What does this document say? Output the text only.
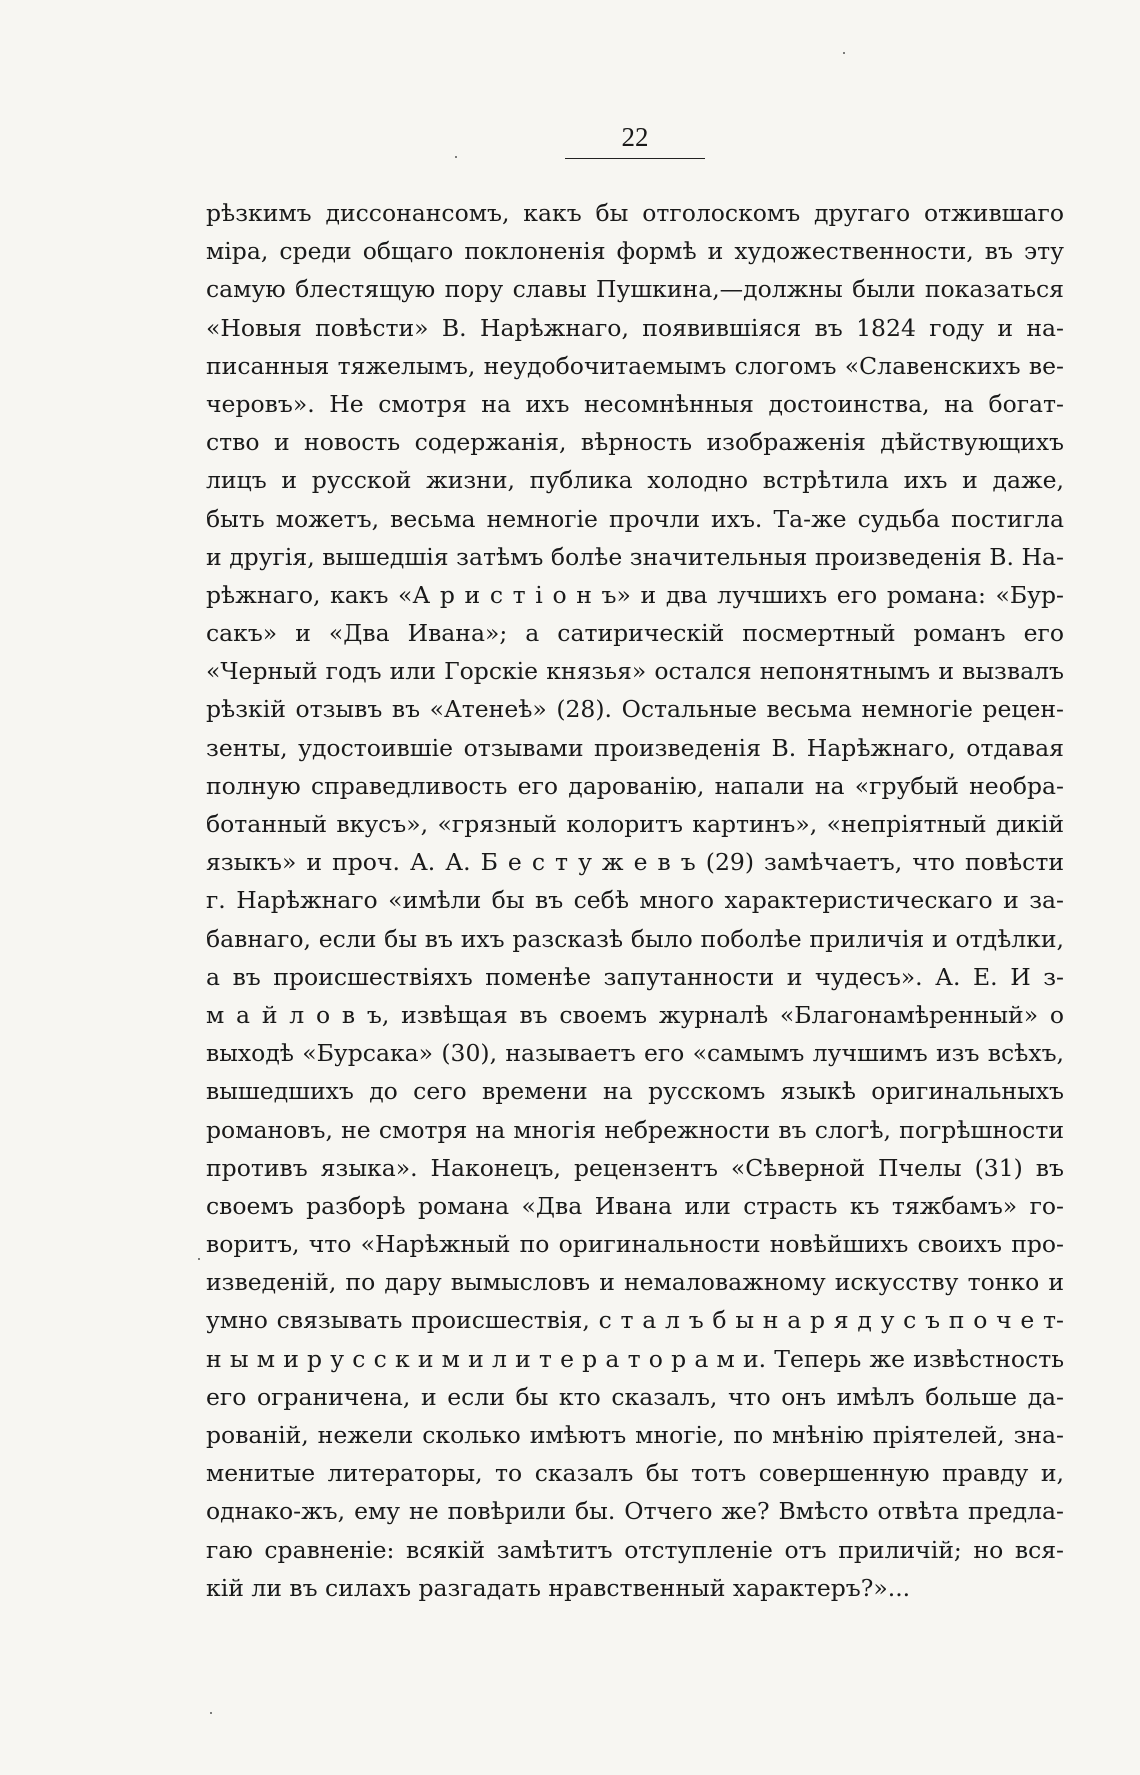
22
рѣзкимъ диссонансомъ, какъ бы отголоскомъ другаго отжившаго
міра, среди общаго поклоненія формѣ и художественности, въ эту
самую блестящую пору славы Пушкина,—должны были показаться
«Новыя повѣсти» В. Нарѣжнаго, появившіяся въ 1824 году и на-
писанныя тяжелымъ, неудобочитаемымъ слогомъ «Славенскихъ ве-
черовъ». Не смотря на ихъ несомнѣнныя достоинства, на богат-
ство и новость содержанія, вѣрность изображенія дѣйствующихъ
лицъ и русской жизни, публика холодно встрѣтила ихъ и даже,
быть можетъ, весьма немногіе прочли ихъ. Та-же судьба постигла
и другія, вышедшія затѣмъ болѣе значительныя произведенія В. На-
рѣжнаго, какъ «А р и с т і о н ъ» и два лучшихъ его романа: «Бур-
сакъ» и «Два Ивана»; а сатирическій посмертный романъ его
«Черный годъ или Горскіе князья» остался непонятнымъ и вызвалъ
рѣзкій отзывъ въ «Атенеѣ» (28). Остальные весьма немногіе рецен-
зенты, удостоившіе отзывами произведенія В. Нарѣжнаго, отдавая
полную справедливость его дарованію, напали на «грубый необра-
ботанный вкусъ», «грязный колоритъ картинъ», «непріятный дикій
языкъ» и проч. А. А. Б е с т у ж е в ъ (29) замѣчаетъ, что повѣсти
г. Нарѣжнаго «имѣли бы въ себѣ много характеристическаго и за-
бавнаго, если бы въ ихъ разсказѣ было поболѣе приличія и отдѣлки,
а въ происшествіяхъ поменѣе запутанности и чудесъ». А. Е. И з-
м а й л о в ъ, извѣщая въ своемъ журналѣ «Благонамѣренный» о
выходѣ «Бурсака» (30), называетъ его «самымъ лучшимъ изъ всѣхъ,
вышедшихъ до сего времени на русскомъ языкѣ оригинальныхъ
романовъ, не смотря на многія небрежности въ слогѣ, погрѣшности
противъ языка». Наконецъ, рецензентъ «Сѣверной Пчелы (31) въ
своемъ разборѣ романа «Два Ивана или страсть къ тяжбамъ» го-
воритъ, что «Нарѣжный по оригинальности новѣйшихъ своихъ про-
изведеній, по дару вымысловъ и немаловажному искусству тонко и
умно связывать происшествія, с т а л ъ б ы н а р я д у с ъ п о ч е т-
н ы м и р у с с к и м и л и т е р а т о р а м и. Теперь же извѣстность
его ограничена, и если бы кто сказалъ, что онъ имѣлъ больше да-
рованій, нежели сколько имѣютъ многіе, по мнѣнію пріятелей, зна-
менитые литераторы, то сказалъ бы тотъ совершенную правду и,
однако-жъ, ему не повѣрили бы. Отчего же? Вмѣсто отвѣта предла-
гаю сравненіе: всякій замѣтитъ отступленіе отъ приличій; но вся-
кій ли въ силахъ разгадать нравственный характеръ?»...
